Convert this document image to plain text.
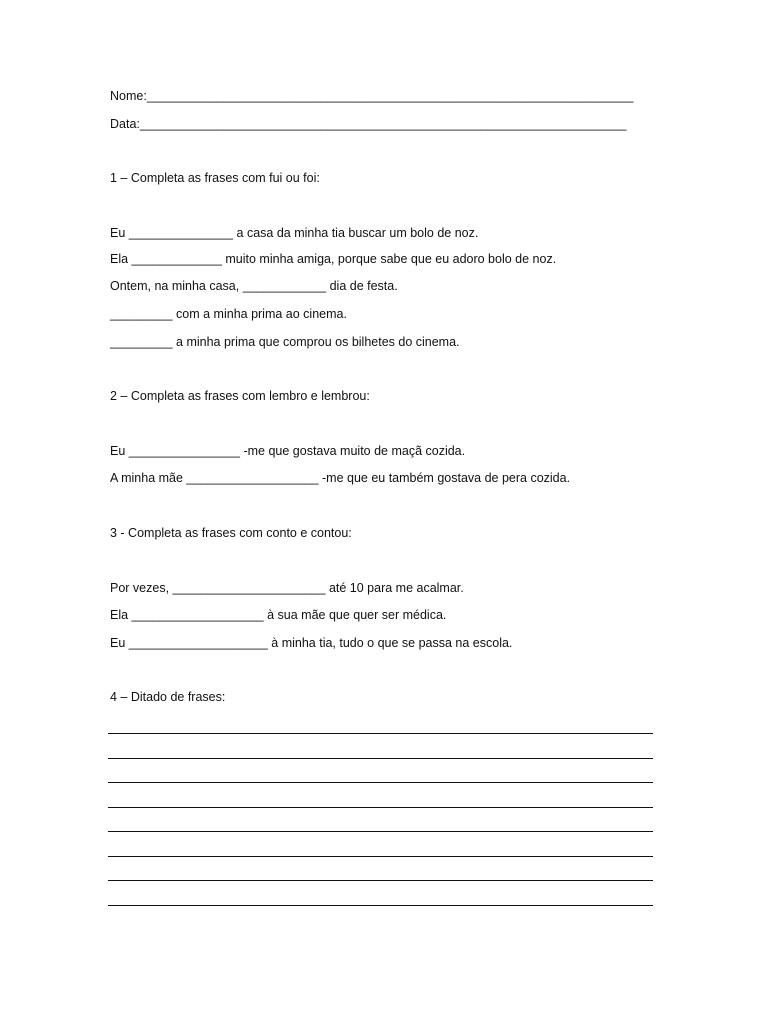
Nome:______________________________________________________________________
Data:______________________________________________________________________
1 – Completa as frases com fui ou foi:
Eu _______________ a casa da minha tia buscar um bolo de noz.
Ela _____________ muito minha amiga, porque sabe que eu adoro bolo de noz.
Ontem, na minha casa, ____________ dia de festa.
_________ com a minha prima ao cinema.
_________ a minha prima que comprou os bilhetes do cinema.
2 – Completa as frases com lembro e lembrou:
Eu ________________ -me que gostava muito de maçã cozida.
A minha mãe ___________________ -me que eu também gostava de pera cozida.
3 - Completa as frases com conto e contou:
Por vezes, ______________________ até 10 para me acalmar.
Ela ___________________ à sua mãe que quer ser médica.
Eu ____________________ à minha tia, tudo o que se passa na escola.
4 – Ditado de frases:
